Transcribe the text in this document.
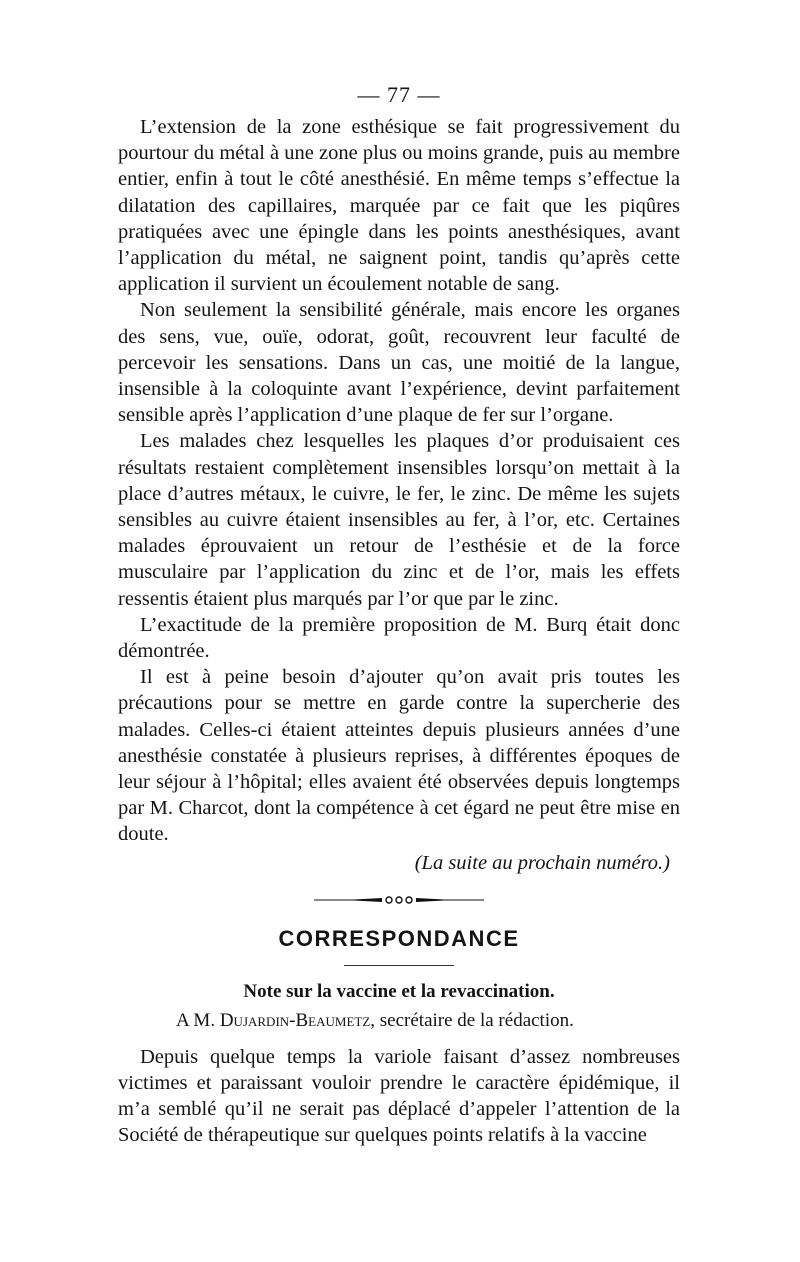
— 77 —

L’extension de la zone esthésique se fait progressivement du pourtour du métal à une zone plus ou moins grande, puis au membre entier, enfin à tout le côté anesthésié. En même temps s’effectue la dilatation des capillaires, marquée par ce fait que les piqûres pratiquées avec une épingle dans les points anesthésiques, avant l’application du métal, ne saignent point, tandis qu’après cette application il survient un écoulement notable de sang.

Non seulement la sensibilité générale, mais encore les organes des sens, vue, ouïe, odorat, goût, recouvrent leur faculté de percevoir les sensations. Dans un cas, une moitié de la langue, insensible à la coloquinte avant l’expérience, devint parfaitement sensible après l’application d’une plaque de fer sur l’organe.

Les malades chez lesquelles les plaques d’or produisaient ces résultats restaient complètement insensibles lorsqu’on mettait à la place d’autres métaux, le cuivre, le fer, le zinc. De même les sujets sensibles au cuivre étaient insensibles au fer, à l’or, etc. Certaines malades éprouvaient un retour de l’esthésie et de la force musculaire par l’application du zinc et de l’or, mais les effets ressentis étaient plus marqués par l’or que par le zinc.

L’exactitude de la première proposition de M. Burq était donc démontrée.

Il est à peine besoin d’ajouter qu’on avait pris toutes les précautions pour se mettre en garde contre la supercherie des malades. Celles-ci étaient atteintes depuis plusieurs années d’une anesthésie constatée à plusieurs reprises, à différentes époques de leur séjour à l’hôpital; elles avaient été observées depuis longtemps par M. Charcot, dont la compétence à cet égard ne peut être mise en doute.

(La suite au prochain numéro.)

CORRESPONDANCE
Note sur la vaccine et la revaccination.

A M. Dujardin-Beaumetz, secrétaire de la rédaction.

Depuis quelque temps la variole faisant d’assez nombreuses victimes et paraissant vouloir prendre le caractère épidémique, il m’a semblé qu’il ne serait pas déplacé d’appeler l’attention de la Société de thérapeutique sur quelques points relatifs à la vaccine
